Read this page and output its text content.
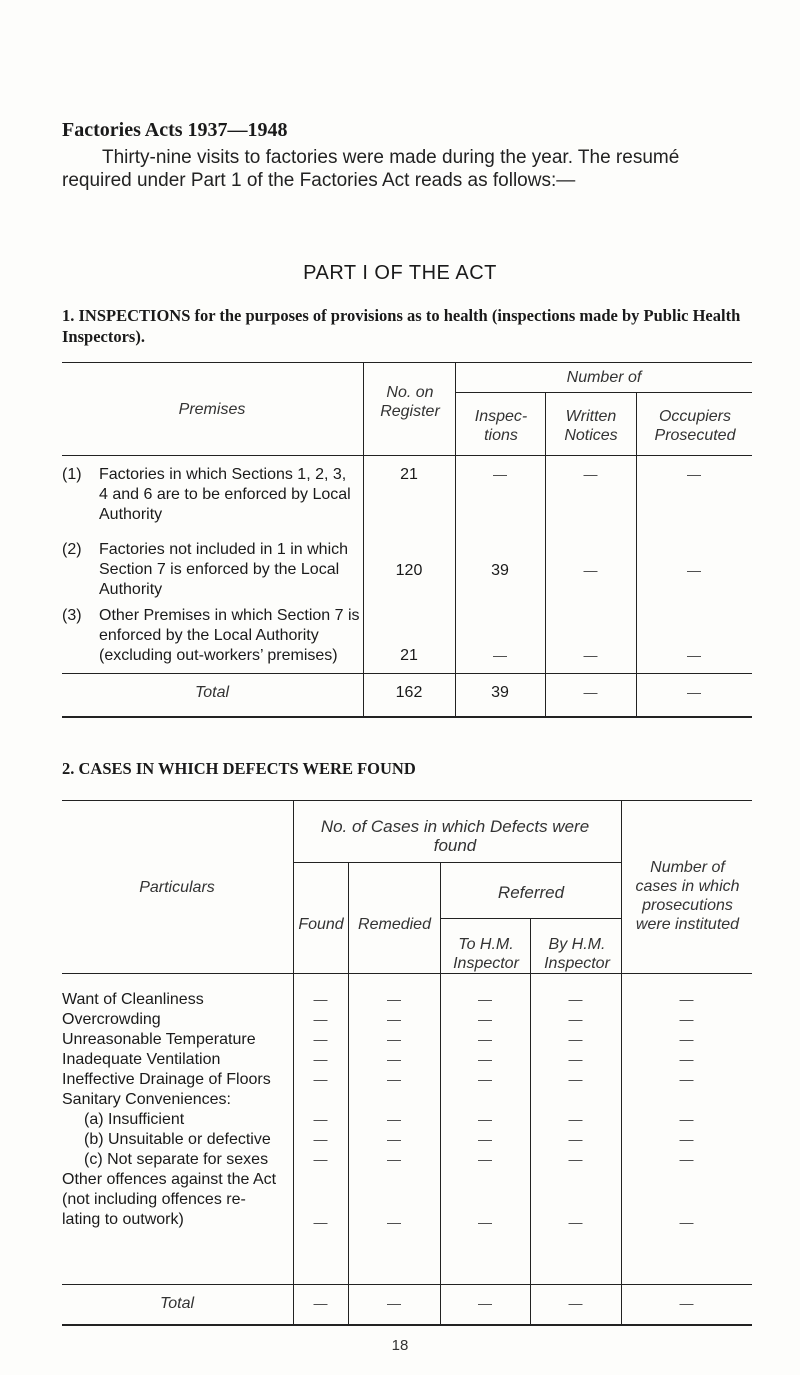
Factories Acts 1937—1948
Thirty-nine visits to factories were made during the year. The resumé required under Part 1 of the Factories Act reads as follows:—
PART I OF THE ACT
1. INSPECTIONS for the purposes of provisions as to health (inspections made by Public Health Inspectors).
Premises
No. on Register
Number of
Inspec- tions
Written Notices
Occupiers Prosecuted
(1) Factories in which Sections 1, 2, 3, 4 and 6 are to be enforced by Local Authority
21	—	—	—
(2) Factories not included in 1 in which Section 7 is enforced by the Local Authority
120	39	—	—
(3) Other Premises in which Section 7 is enforced by the Local Authority (excluding out-workers’ premises)	21	—	—	—
Total	162	39	—	—
2. CASES IN WHICH DEFECTS WERE FOUND
Particulars
No. of Cases in which Defects were found
Found Remedied
Referred
To H.M. Inspector
By H.M. Inspector
Number of cases in which prosecutions were instituted
Want of Cleanliness	—	—	—	—	—
Overcrowding	—	—	—	—	—
Unreasonable Temperature	—	—	—	—	—
Inadequate Ventilation	—	—	—	—	—
Ineffective Drainage of Floors	—	—	—	—	—
Sanitary Conveniences:
(a) Insufficient	—	—	—	—	—
(b) Unsuitable or defective	—	—	—	—	—
(c) Not separate for sexes	—	—	—	—	—
Other offences against the Act (not including offences re- lating to outwork)	—	—	—	—	—
Total	—	—	—	—	—
18
